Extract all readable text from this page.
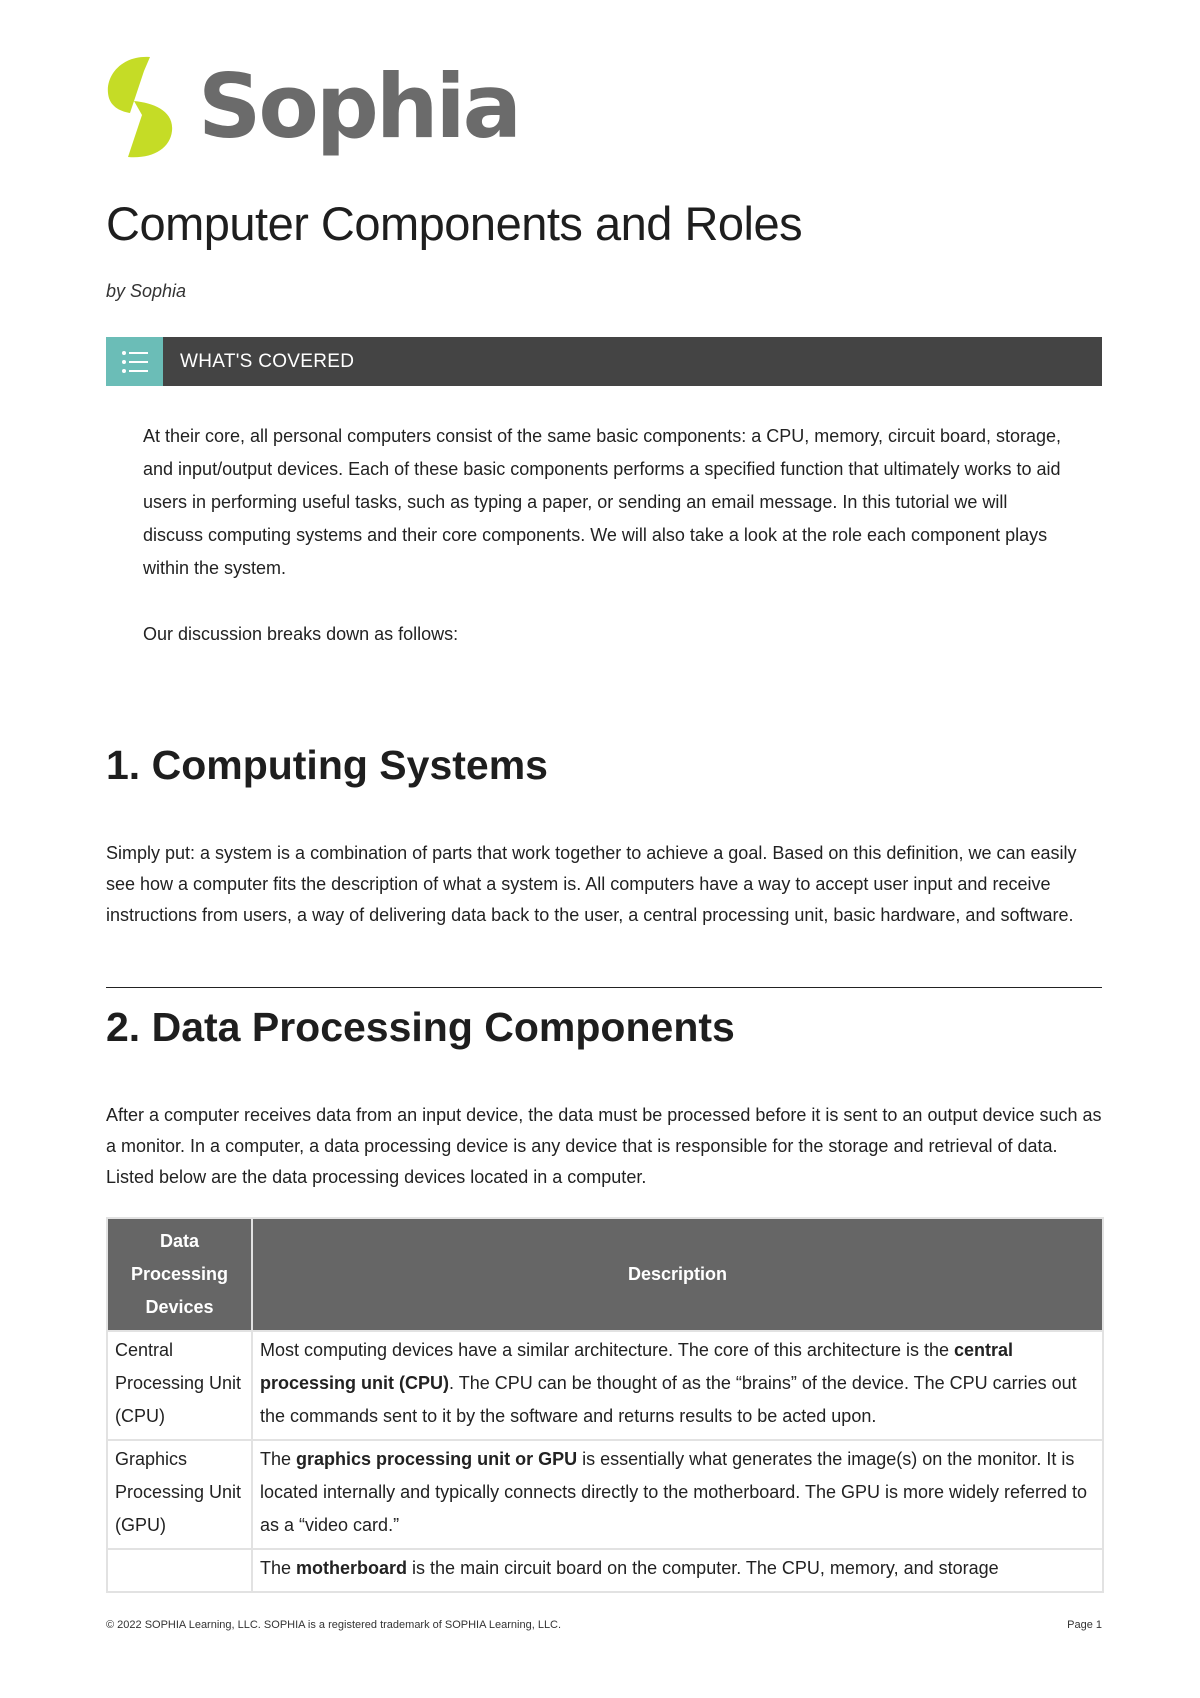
Sophia
Computer Components and Roles
by Sophia
WHAT'S COVERED

At their core, all personal computers consist of the same basic components: a CPU, memory, circuit board, storage, and input/output devices. Each of these basic components performs a specified function that ultimately works to aid users in performing useful tasks, such as typing a paper, or sending an email message. In this tutorial we will discuss computing systems and their core components. We will also take a look at the role each component plays within the system.

Our discussion breaks down as follows:

1. Computing Systems

Simply put: a system is a combination of parts that work together to achieve a goal. Based on this definition, we can easily see how a computer fits the description of what a system is. All computers have a way to accept user input and receive instructions from users, a way of delivering data back to the user, a central processing unit, basic hardware, and software.

2. Data Processing Components

After a computer receives data from an input device, the data must be processed before it is sent to an output device such as a monitor. In a computer, a data processing device is any device that is responsible for the storage and retrieval of data. Listed below are the data processing devices located in a computer.

Data Processing Devices	Description
Central Processing Unit (CPU)	Most computing devices have a similar architecture. The core of this architecture is the central processing unit (CPU). The CPU can be thought of as the “brains” of the device. The CPU carries out the commands sent to it by the software and returns results to be acted upon.
Graphics Processing Unit (GPU)	The graphics processing unit or GPU is essentially what generates the image(s) on the monitor. It is located internally and typically connects directly to the motherboard. The GPU is more widely referred to as a “video card.”
	The motherboard is the main circuit board on the computer. The CPU, memory, and storage
© 2022 SOPHIA Learning, LLC. SOPHIA is a registered trademark of SOPHIA Learning, LLC.	Page 1
